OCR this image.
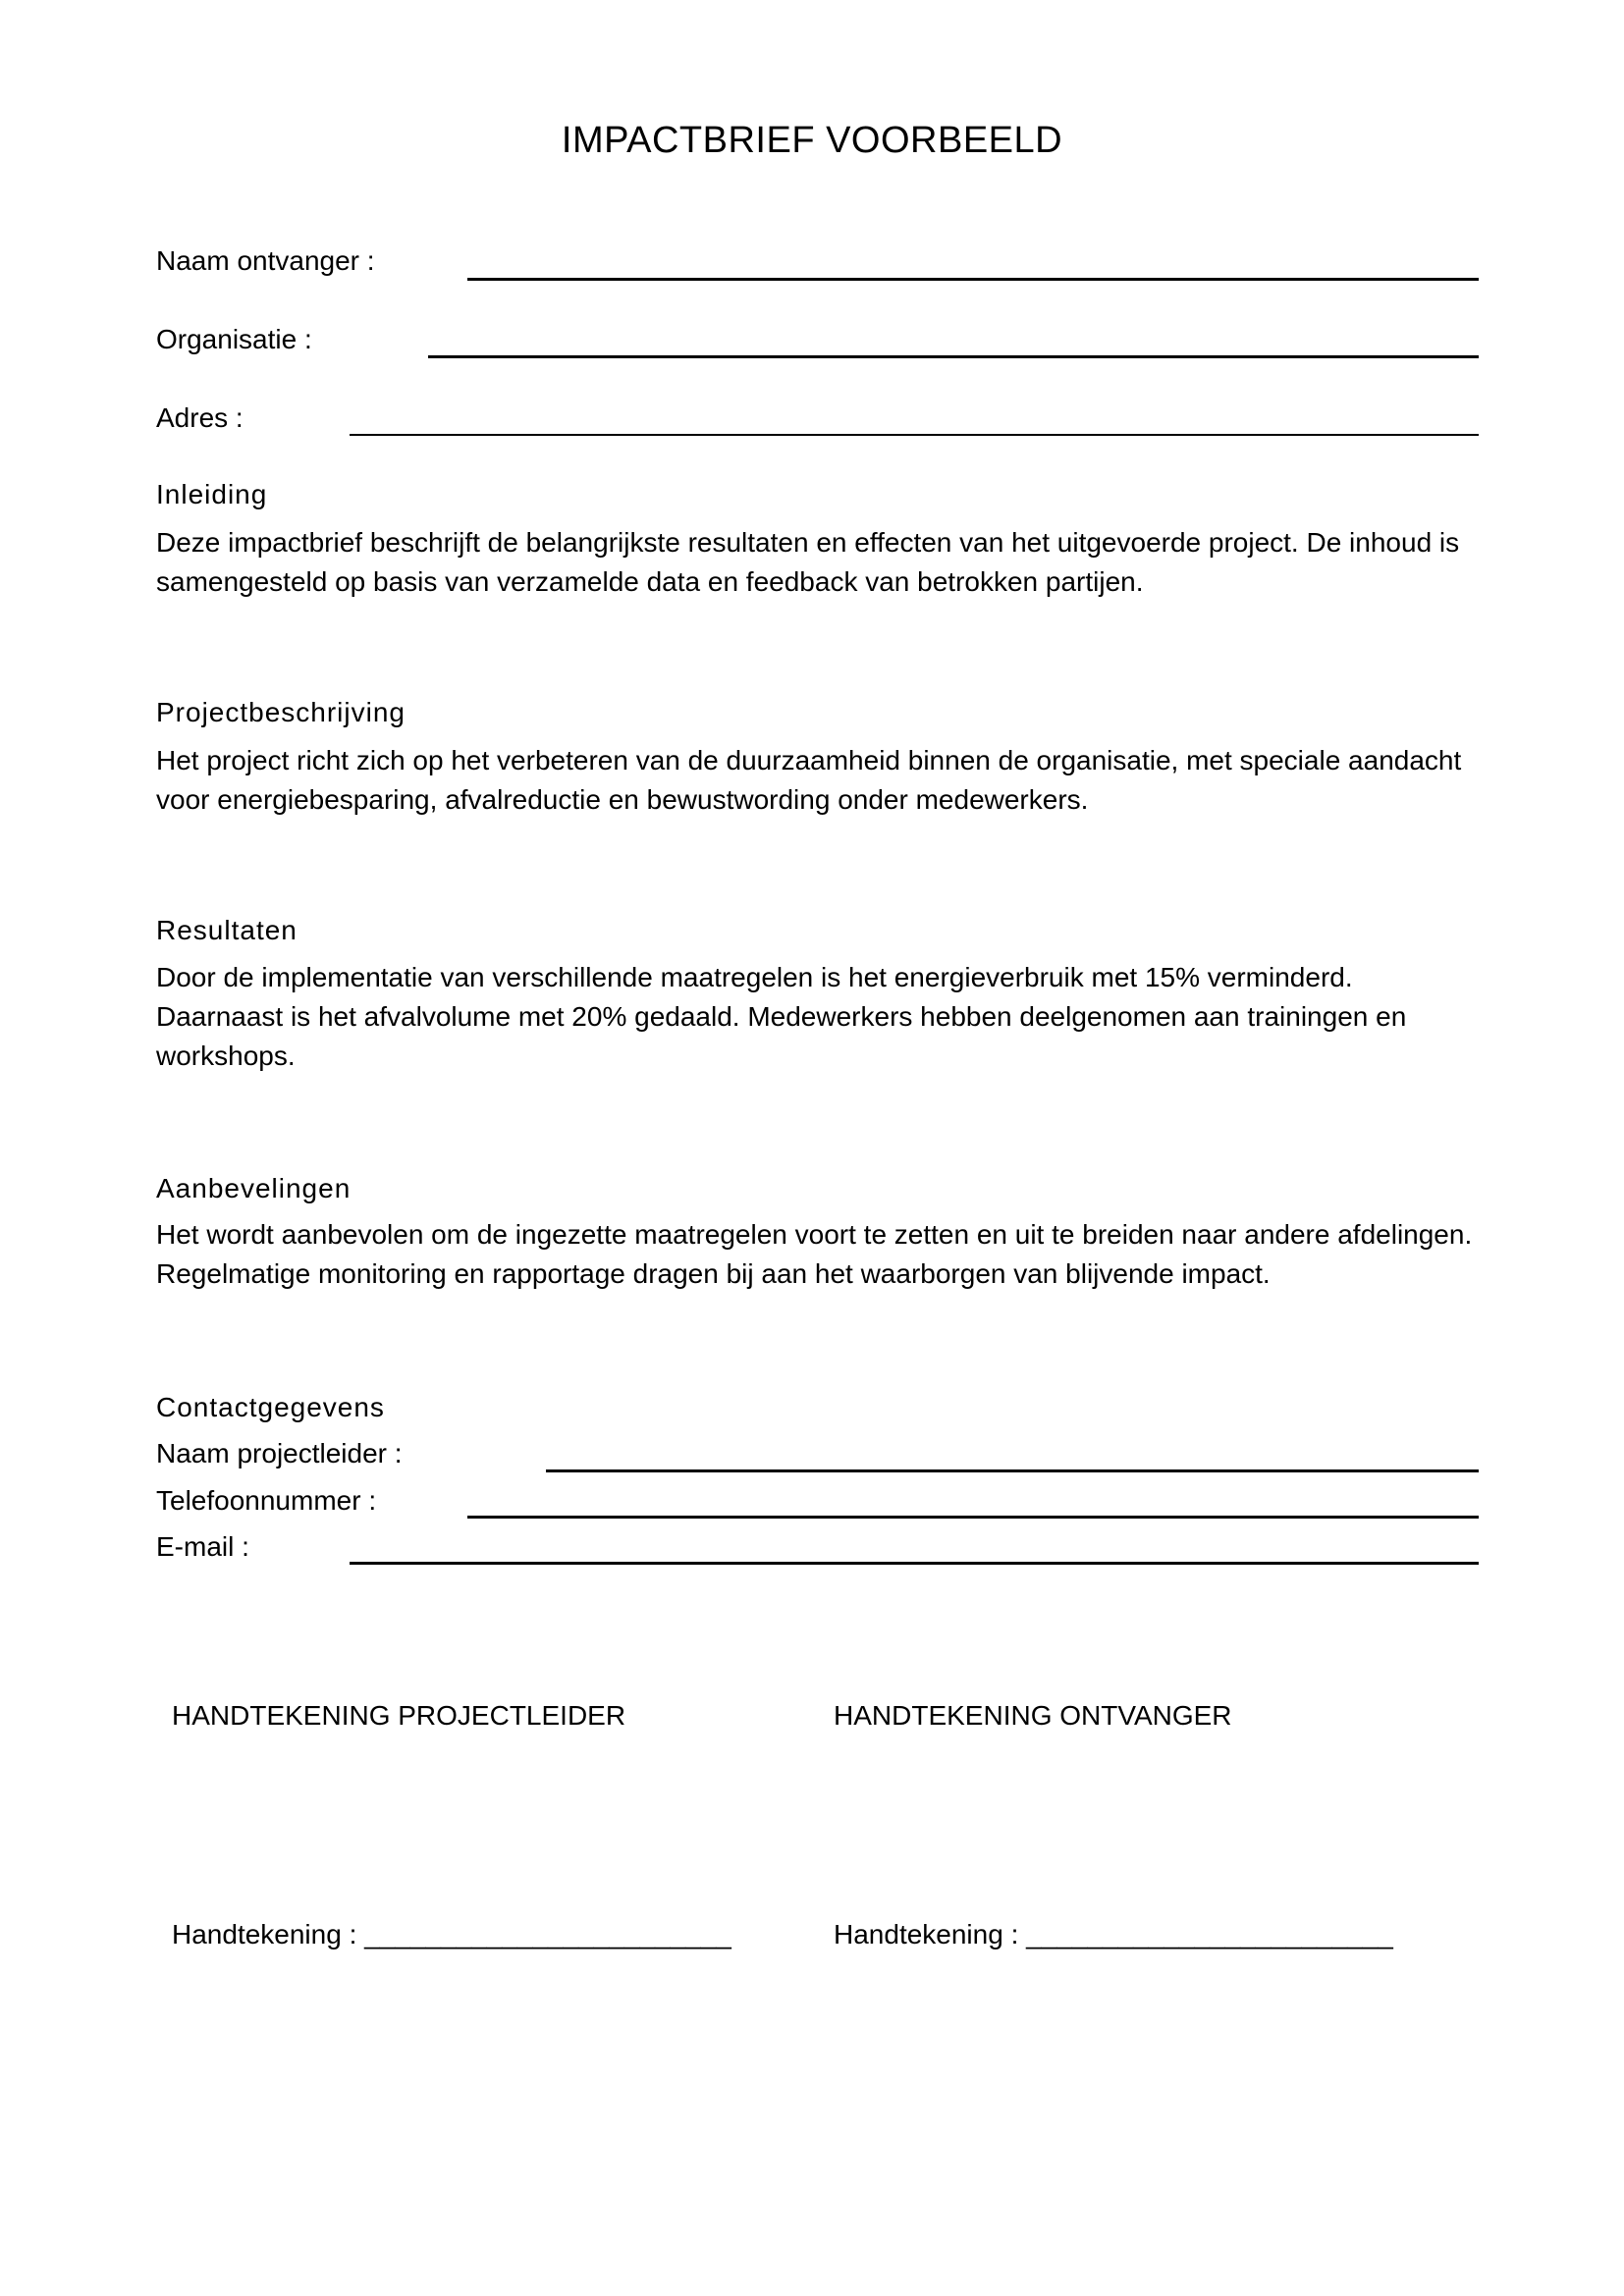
IMPACTBRIEF VOORBEELD
Naam ontvanger :
Organisatie :
Adres :
Inleiding
Deze impactbrief beschrijft de belangrijkste resultaten en effecten van het uitgevoerde project. De inhoud is
samengesteld op basis van verzamelde data en feedback van betrokken partijen.
Projectbeschrijving
Het project richt zich op het verbeteren van de duurzaamheid binnen de organisatie, met speciale aandacht
voor energiebesparing, afvalreductie en bewustwording onder medewerkers.
Resultaten
Door de implementatie van verschillende maatregelen is het energieverbruik met 15% verminderd.
Daarnaast is het afvalvolume met 20% gedaald. Medewerkers hebben deelgenomen aan trainingen en
workshops.
Aanbevelingen
Het wordt aanbevolen om de ingezette maatregelen voort te zetten en uit te breiden naar andere afdelingen.
Regelmatige monitoring en rapportage dragen bij aan het waarborgen van blijvende impact.
Contactgegevens
Naam projectleider :
Telefoonnummer :
E-mail :
HANDTEKENING PROJECTLEIDER	HANDTEKENING ONTVANGER
Handtekening : ________________________	Handtekening : ________________________
